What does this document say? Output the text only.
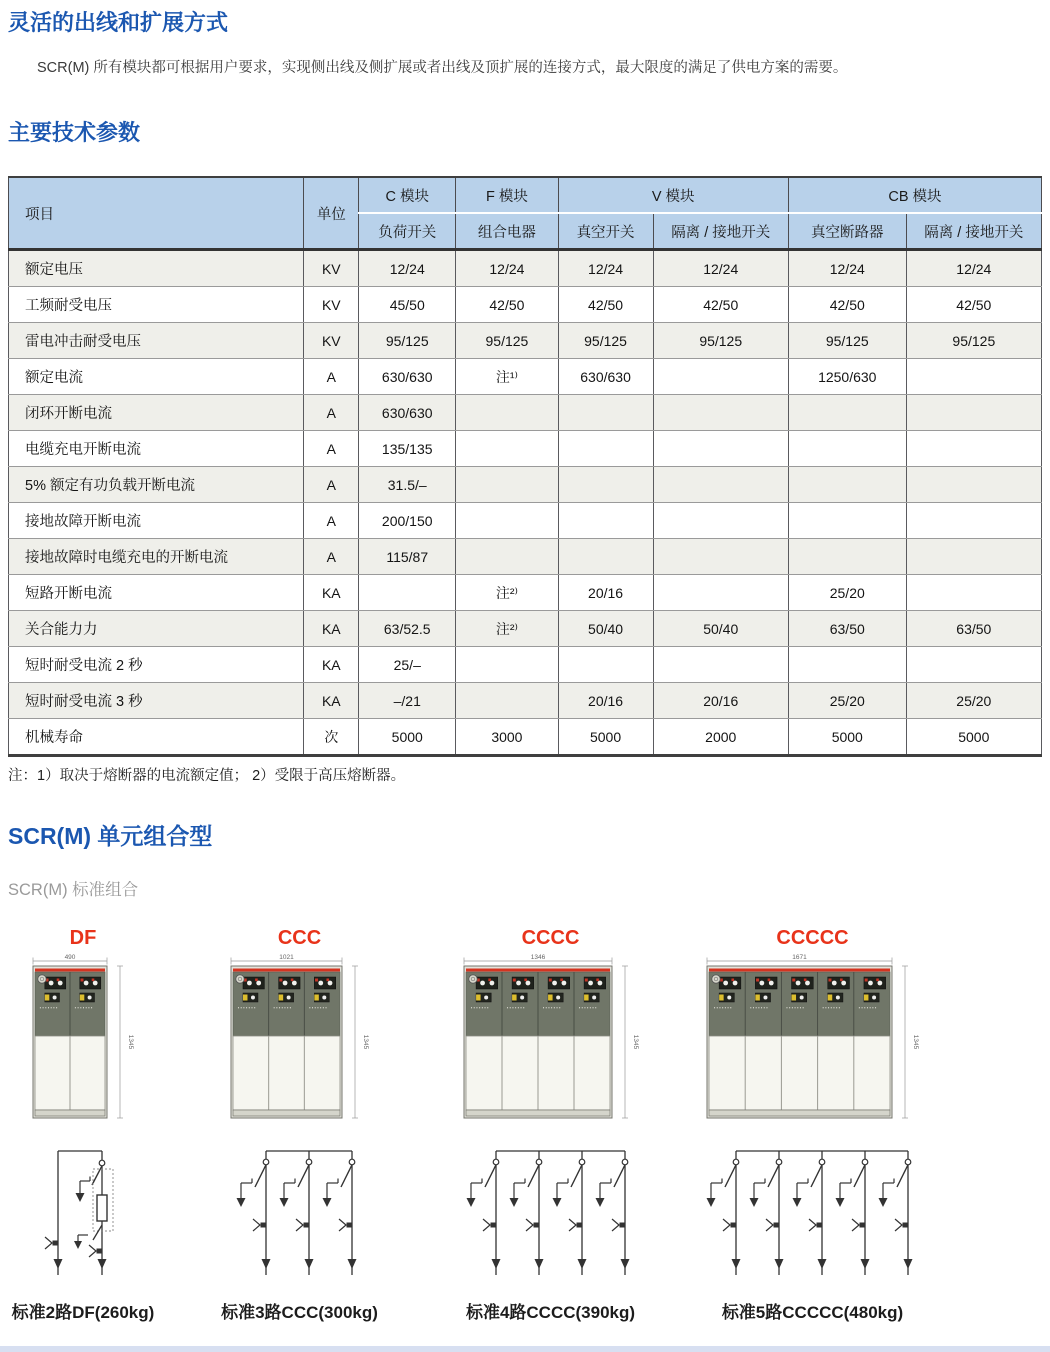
灵活的出线和扩展方式

SCR(M) 所有模块都可根据用户要求，实现侧出线及侧扩展或者出线及顶扩展的连接方式，最大限度的满足了供电方案的需要。

主要技术参数
项目	单位	C 模块	F 模块	V 模块		CB 模块	
		负荷开关	组合电器	真空开关	隔离 / 接地开关	真空断路器	隔离 / 接地开关
额定电压	KV	12/24	12/24	12/24	12/24	12/24	12/24
工频耐受电压	KV	45/50	42/50	42/50	42/50	42/50	42/50
雷电冲击耐受电压	KV	95/125	95/125	95/125	95/125	95/125	95/125
额定电流	A	630/630	注¹⁾	630/630		1250/630	
闭环开断电流	A	630/630					
电缆充电开断电流	A	135/135					
5% 额定有功负载开断电流	A	31.5/–					
接地故障开断电流	A	200/150					
接地故障时电缆充电的开断电流	A	115/87					
短路开断电流	KA		注²⁾	20/16		25/20	
关合能力力	KA	63/52.5	注²⁾	50/40	50/40	63/50	63/50
短时耐受电流 2 秒	KA	25/–					
短时耐受电流 3 秒	KA	–/21		20/16	20/16	25/20	25/20
机械寿命	次	5000	3000	5000	2000	5000	5000
注：1）取决于熔断器的电流额定值； 2）受限于高压熔断器。
SCR(M) 单元组合型
SCR(M) 标准组合
DF
490
1345
标准2路DF(260kg)
CCC
1021
1345
标准3路CCC(300kg)
CCCC
1346
1345
标准4路CCCC(390kg)
CCCCC
1671
1345
标准5路CCCCC(480kg)
